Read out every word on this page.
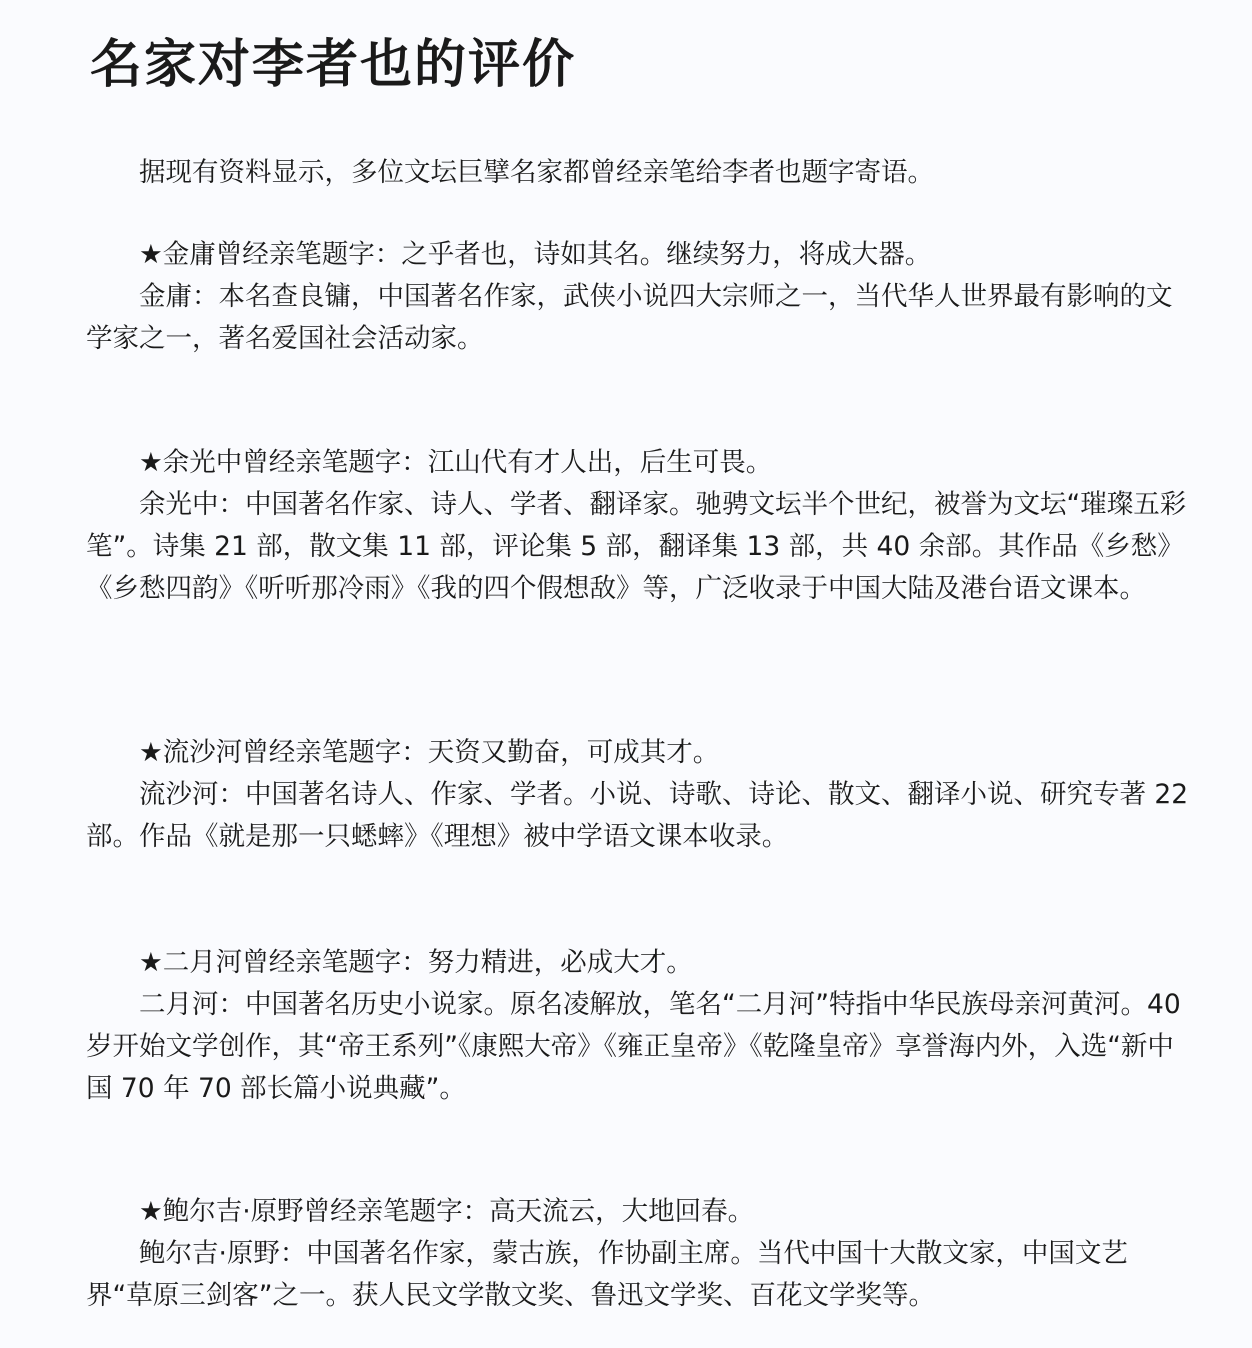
名家对李者也的评价

据现有资料显示，多位文坛巨擘名家都曾经亲笔给李者也题字寄语。

★金庸曾经亲笔题字：之乎者也，诗如其名。继续努力，将成大器。
金庸：本名查良镛，中国著名作家，武侠小说四大宗师之一，当代华人世界最有影响的文学家之一，著名爱国社会活动家。
★余光中曾经亲笔题字：江山代有才人出，后生可畏。
余光中：中国著名作家、诗人、学者、翻译家。驰骋文坛半个世纪，被誉为文坛“璀璨五彩笔”。诗集 21 部，散文集 11 部，评论集 5 部，翻译集 13 部，共 40 余部。其作品《乡愁》《乡愁四韵》《听听那冷雨》《我的四个假想敌》等，广泛收录于中国大陆及港台语文课本。
★流沙河曾经亲笔题字：天资又勤奋，可成其才。
流沙河：中国著名诗人、作家、学者。小说、诗歌、诗论、散文、翻译小说、研究专著 22 部。作品《就是那一只蟋蟀》《理想》被中学语文课本收录。
★二月河曾经亲笔题字：努力精进，必成大才。
二月河：中国著名历史小说家。原名凌解放，笔名“二月河”特指中华民族母亲河黄河。40 岁开始文学创作，其“帝王系列”《康熙大帝》《雍正皇帝》《乾隆皇帝》享誉海内外，入选“新中国 70 年 70 部长篇小说典藏”。
★鲍尔吉·原野曾经亲笔题字：高天流云，大地回春。
鲍尔吉·原野：中国著名作家，蒙古族，作协副主席。当代中国十大散文家，中国文艺界“草原三剑客”之一。获人民文学散文奖、鲁迅文学奖、百花文学奖等。
